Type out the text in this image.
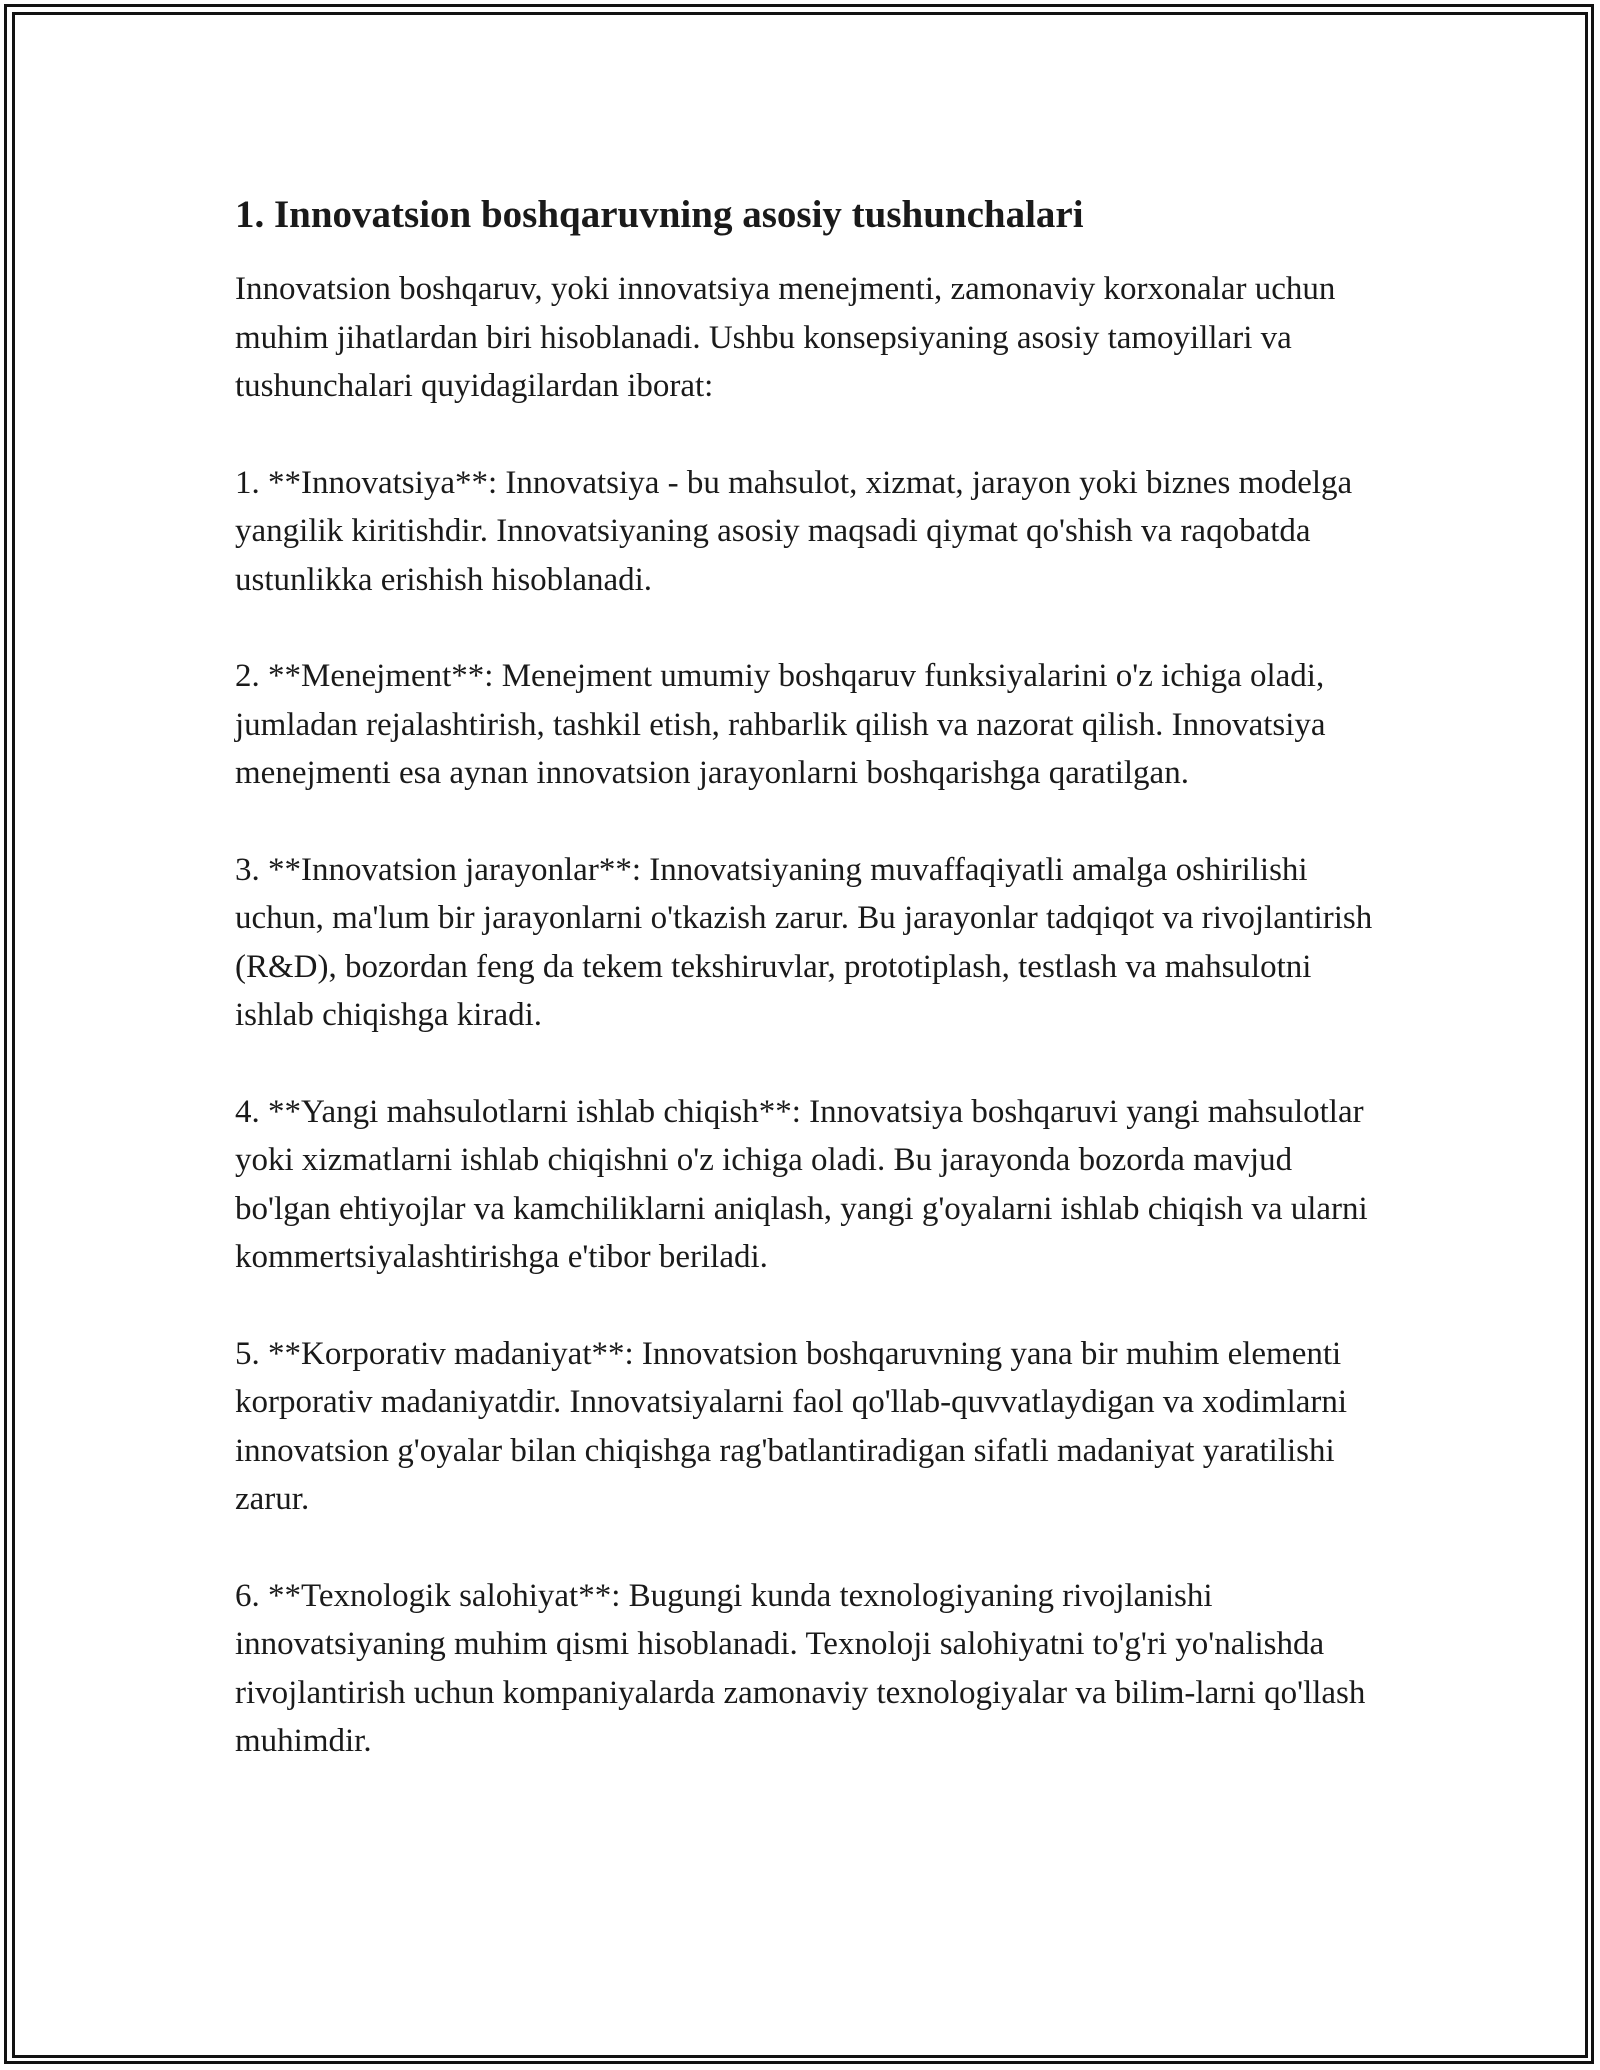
1. Innovatsion boshqaruvning asosiy tushunchalari

Innovatsion boshqaruv, yoki innovatsiya menejmenti, zamonaviy korxonalar uchun muhim jihatlardan biri hisoblanadi. Ushbu konsepsiyaning asosiy tamoyillari va tushunchalari quyidagilardan iborat:

1. **Innovatsiya**: Innovatsiya - bu mahsulot, xizmat, jarayon yoki biznes modelga yangilik kiritishdir. Innovatsiyaning asosiy maqsadi qiymat qo'shish va raqobatda ustunlikka erishish hisoblanadi.

2. **Menejment**: Menejment umumiy boshqaruv funksiyalarini o'z ichiga oladi, jumladan rejalashtirish, tashkil etish, rahbarlik qilish va nazorat qilish. Innovatsiya menejmenti esa aynan innovatsion jarayonlarni boshqarishga qaratilgan.

3. **Innovatsion jarayonlar**: Innovatsiyaning muvaffaqiyatli amalga oshirilishi uchun, ma'lum bir jarayonlarni o'tkazish zarur. Bu jarayonlar tadqiqot va rivojlantirish (R&D), bozordan feng da tekem tekshiruvlar, prototiplash, testlash va mahsulotni ishlab chiqishga kiradi.

4. **Yangi mahsulotlarni ishlab chiqish**: Innovatsiya boshqaruvi yangi mahsulotlar yoki xizmatlarni ishlab chiqishni o'z ichiga oladi. Bu jarayonda bozorda mavjud bo'lgan ehtiyojlar va kamchiliklarni aniqlash, yangi g'oyalarni ishlab chiqish va ularni kommertsiyalashtirishga e'tibor beriladi.

5. **Korporativ madaniyat**: Innovatsion boshqaruvning yana bir muhim elementi korporativ madaniyatdir. Innovatsiyalarni faol qo'llab-quvvatlaydigan va xodimlarni innovatsion g'oyalar bilan chiqishga rag'batlantiradigan sifatli madaniyat yaratilishi zarur.

6. **Texnologik salohiyat**: Bugungi kunda texnologiyaning rivojlanishi innovatsiyaning muhim qismi hisoblanadi. Texnoloji salohiyatni to'g'ri yo'nalishda rivojlantirish uchun kompaniyalarda zamonaviy texnologiyalar va bilim-larni qo'llash muhimdir.
